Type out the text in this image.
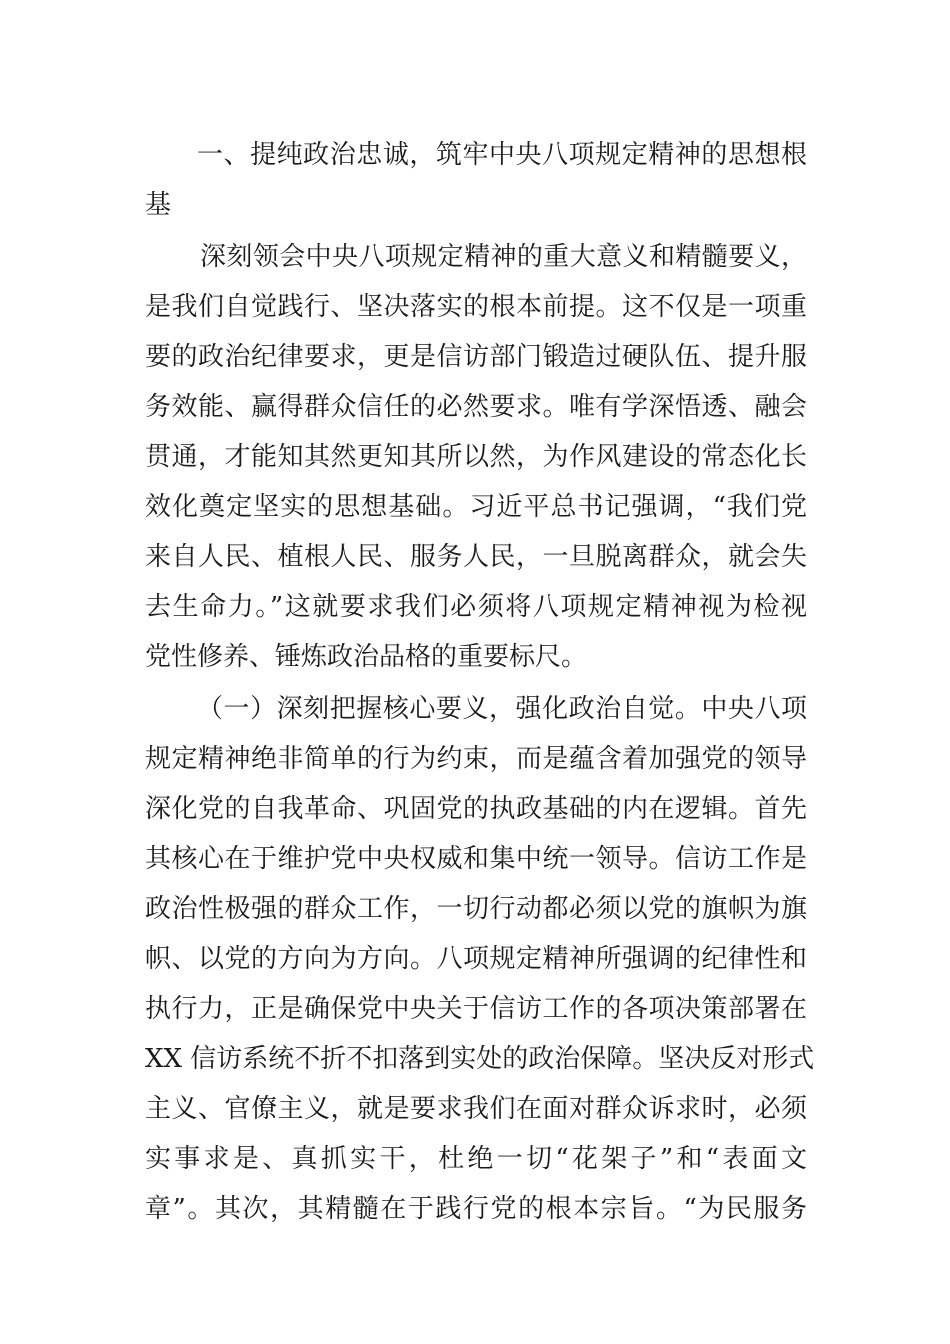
一、提纯政治忠诚，筑牢中央八项规定精神的思想根
基
深刻领会中央八项规定精神的重大意义和精髓要义，
是我们自觉践行、坚决落实的根本前提。这不仅是一项重
要的政治纪律要求，更是信访部门锻造过硬队伍、提升服
务效能、赢得群众信任的必然要求。唯有学深悟透、融会
贯通，才能知其然更知其所以然，为作风建设的常态化长
效化奠定坚实的思想基础。习近平总书记强调，“我们党
来自人民、植根人民、服务人民，一旦脱离群众，就会失
去生命力。”这就要求我们必须将八项规定精神视为检视
党性修养、锤炼政治品格的重要标尺。
（一）深刻把握核心要义，强化政治自觉。中央八项
规定精神绝非简单的行为约束，而是蕴含着加强党的领导
深化党的自我革命、巩固党的执政基础的内在逻辑。首先
其核心在于维护党中央权威和集中统一领导。信访工作是
政治性极强的群众工作，一切行动都必须以党的旗帜为旗
帜、以党的方向为方向。八项规定精神所强调的纪律性和
执行力，正是确保党中央关于信访工作的各项决策部署在
XX 信访系统不折不扣落到实处的政治保障。坚决反对形式
主义、官僚主义，就是要求我们在面对群众诉求时，必须
实事求是、真抓实干，杜绝一切“花架子”和“表面文
章”。其次，其精髓在于践行党的根本宗旨。“为民服务
